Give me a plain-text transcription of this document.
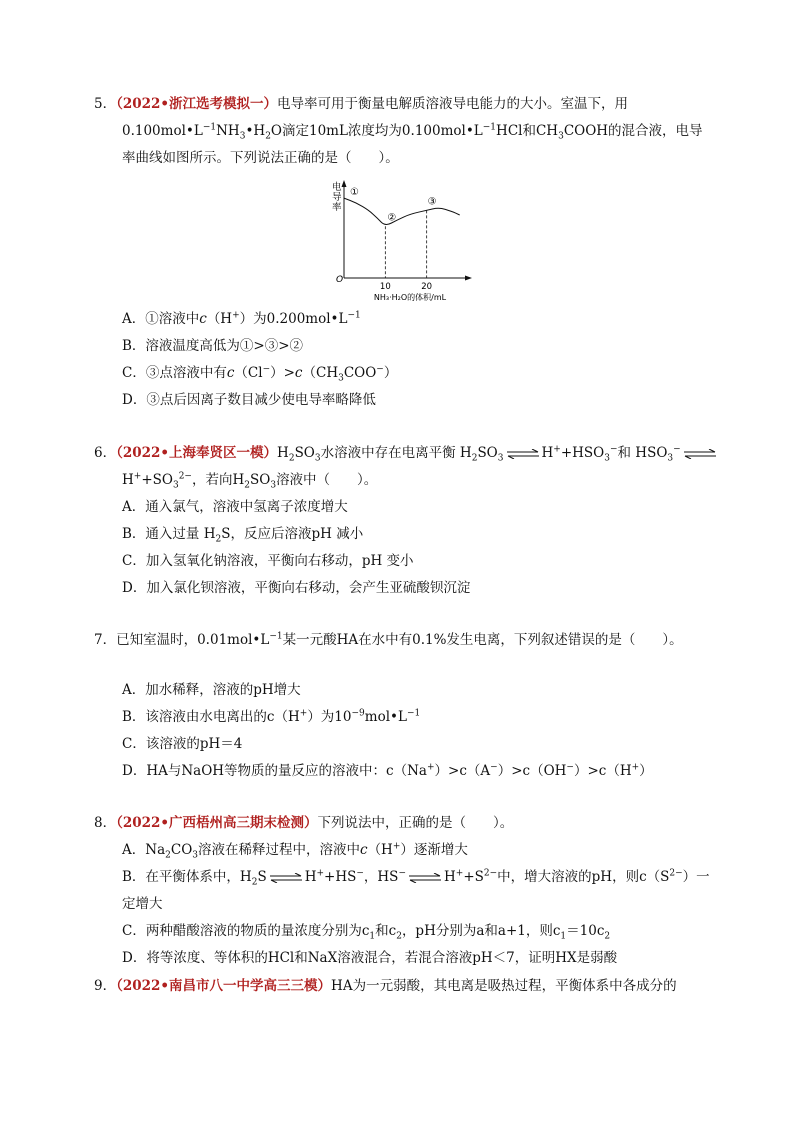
5．（2022•浙江选考模拟一）电导率可用于衡量电解质溶液导电能力的大小。室温下，用
$0.100mol•L^{-1}NH_3•H_2O$滴定10mL浓度均为$0.100mol•L^{-1}HCl$和$CH_3COOH$的混合液，电导
率曲线如图所示。下列说法正确的是（　　）。
电
导
率
O
10	20
①
②
③
NH₃·H₂O的体积/mL
A．①溶液中c（H+）为$0.200mol•L^{-1}$
B．溶液温度高低为①>③>②
C．③点溶液中有$c(Cl^-)>c(CH_3COO^-)$
D．③点后因离子数目减少使电导率略降低
6．（2022•上海奉贤区一模）$H_2SO_3$水溶液中存在电离平衡 $H_2SO_3$ ⇌ $H^++HSO_3^-$和 $HSO_3^-$ ⇌
$H^++SO_3^{2-}$，若向$H_2SO_3$溶液中（　　）。
A．通入氯气，溶液中氢离子浓度增大
B．通入过量 $H_2S$，反应后溶液pH 减小
C．加入氢氧化钠溶液，平衡向右移动，pH 变小
D．加入氯化钡溶液，平衡向右移动，会产生亚硫酸钡沉淀
7．已知室温时，$0.01mol•L^{-1}$某一元酸HA在水中有0.1%发生电离，下列叙述错误的是（　　）。
A．加水稀释，溶液的pH增大
B．该溶液由水电离出的c（H+）为$10^{-9}mol•L^{-1}$
C．该溶液的pH＝4
D．HA与NaOH等物质的量反应的溶液中：c（Na+）>c（A−）>c（OH−）>c（H+）
8．（2022•广西梧州高三期末检测）下列说法中，正确的是（　　）。
A．$Na_2CO_3$溶液在稀释过程中，溶液中c（H+）逐渐增大
B．在平衡体系中，$H_2S$ ⇌ H++HS−，HS− ⇌ $H^++S^{2-}$中，增大溶液的pH，则$c(S^{2-})$一
定增大
C．两种醋酸溶液的物质的量浓度分别为$c_1$和$c_2$，pH分别为a和a+1，则$c_1=10c_2$
D．将等浓度、等体积的HCl和NaX溶液混合，若混合溶液pH＜7，证明HX是弱酸
9．（2022•南昌市八一中学高三三模）HA为一元弱酸，其电离是吸热过程，平衡体系中各成分的
